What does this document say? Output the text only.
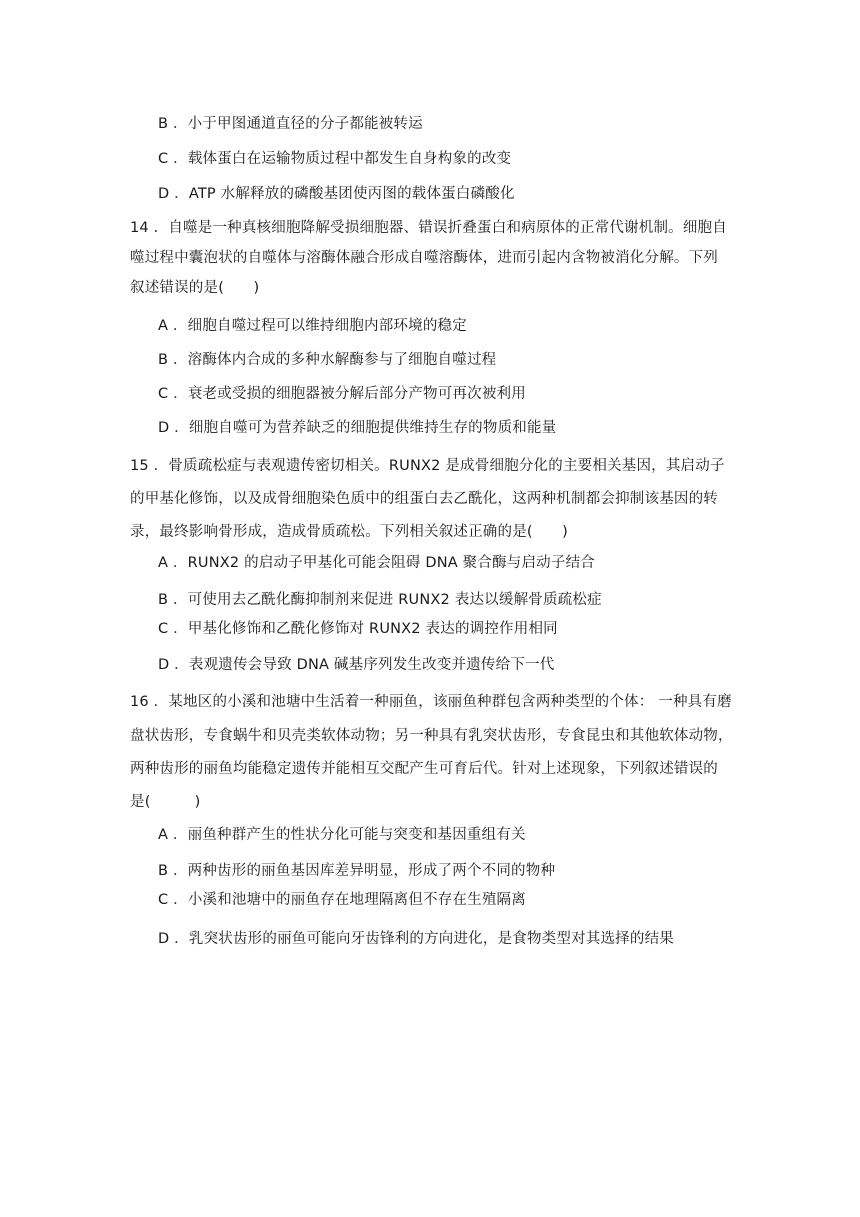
B ．小于甲图通道直径的分子都能被转运
C ．载体蛋白在运输物质过程中都发生自身构象的改变
D ．ATP 水解释放的磷酸基团使丙图的载体蛋白磷酸化
14 ．自噬是一种真核细胞降解受损细胞器、错误折叠蛋白和病原体的正常代谢机制。细胞自
噬过程中囊泡状的自噬体与溶酶体融合形成自噬溶酶体，进而引起内含物被消化分解。下列
叙述错误的是(　　)
A ．细胞自噬过程可以维持细胞内部环境的稳定
B ．溶酶体内合成的多种水解酶参与了细胞自噬过程
C ．衰老或受损的细胞器被分解后部分产物可再次被利用
D ．细胞自噬可为营养缺乏的细胞提供维持生存的物质和能量
15 ．骨质疏松症与表观遗传密切相关。RUNX2 是成骨细胞分化的主要相关基因，其启动子
的甲基化修饰，以及成骨细胞染色质中的组蛋白去乙酰化，这两种机制都会抑制该基因的转
录，最终影响骨形成，造成骨质疏松。下列相关叙述正确的是(　　)
A ．RUNX2 的启动子甲基化可能会阻碍 DNA 聚合酶与启动子结合
B ．可使用去乙酰化酶抑制剂来促进 RUNX2 表达以缓解骨质疏松症
C ．甲基化修饰和乙酰化修饰对 RUNX2 表达的调控作用相同
D ．表观遗传会导致 DNA 碱基序列发生改变并遗传给下一代
16 ．某地区的小溪和池塘中生活着一种丽鱼，该丽鱼种群包含两种类型的个体： 一种具有磨
盘状齿形，专食蜗牛和贝壳类软体动物；另一种具有乳突状齿形，专食昆虫和其他软体动物，
两种齿形的丽鱼均能稳定遗传并能相互交配产生可育后代。针对上述现象，下列叙述错误的
是(　　　)
A ．丽鱼种群产生的性状分化可能与突变和基因重组有关
B ．两种齿形的丽鱼基因库差异明显，形成了两个不同的物种
C ．小溪和池塘中的丽鱼存在地理隔离但不存在生殖隔离
D ．乳突状齿形的丽鱼可能向牙齿锋利的方向进化，是食物类型对其选择的结果
